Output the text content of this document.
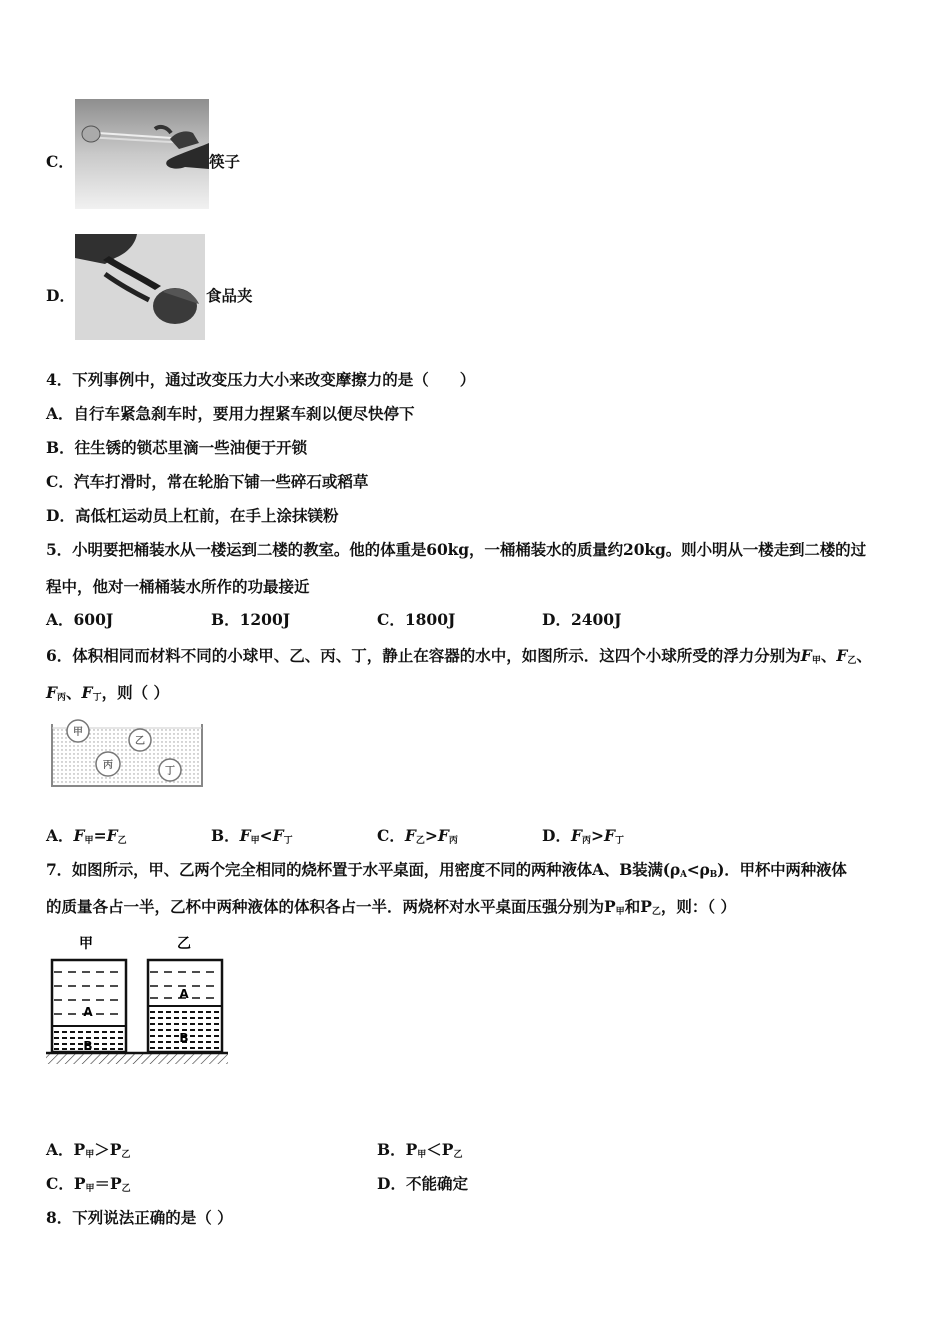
C．	筷子
D．	食品夹
4．下列事例中，通过改变压力大小来改变摩擦力的是（　　）
A．自行车紧急刹车时，要用力捏紧车刹以便尽快停下
B．往生锈的锁芯里滴一些油便于开锁
C．汽车打滑时，常在轮胎下铺一些碎石或稻草
D．高低杠运动员上杠前，在手上涂抹镁粉
5．小明要把桶装水从一楼运到二楼的教室。他的体重是60kg，一桶桶装水的质量约20kg。则小明从一楼走到二楼的过
程中，他对一桶桶装水所作的功最接近
A．600J	B．1200J	C．1800J	D．2400J
6．体积相同而材料不同的小球甲、乙、丙、丁，静止在容器的水中，如图所示．这四个小球所受的浮力分别为$F_甲$、$F_乙$、
$F_丙$、$F_丁$，则（ ）
甲
乙
丙
丁
A．$F_甲=F_乙$	B．$F_甲<F_丁$	C．$F_乙>F_丙$	D．$F_丙>F_丁$
7．如图所示，甲、乙两个完全相同的烧杯置于水平桌面，用密度不同的两种液体A、B装满$(\rho_A<\rho_B)$．甲杯中两种液体
的质量各占一半，乙杯中两种液体的体积各占一半．两烧杯对水平桌面压强分别为$P_甲$和$P_乙$，则：（ ）
甲	乙
A
B
A
B
A．$P_甲>P_乙$	B．$P_甲<P_乙$
C．$P_甲=P_乙$	D．不能确定
8．下列说法正确的是（ ）
